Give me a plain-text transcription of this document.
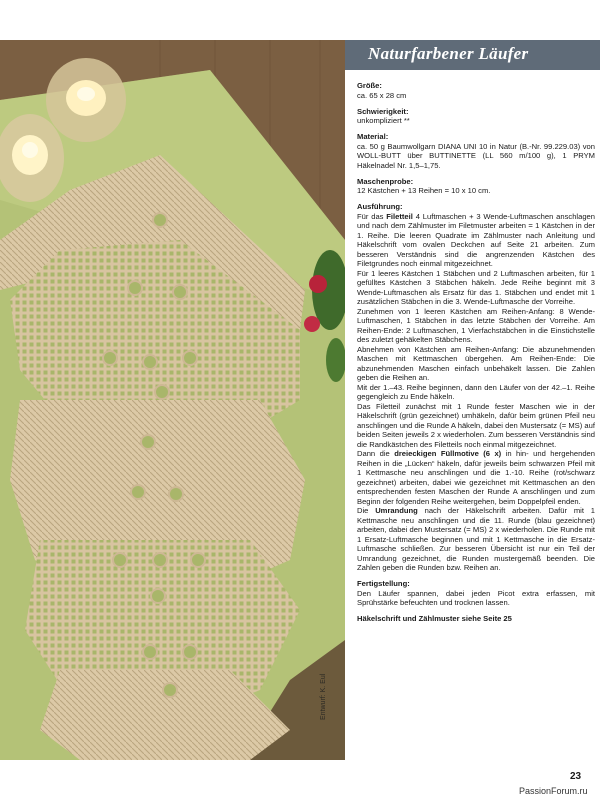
Entwurf: K. Eul
Naturfarbener Läufer

Größe:
ca. 65 x 28 cm

Schwierigkeit:
unkompliziert **

Material:
ca. 50 g Baumwollgarn DIANA UNI 10 in Natur (B.-Nr. 99.229.03) von WOLL-BUTT über BUTTINETTE (LL 560 m/100 g), 1 PRYM Häkelnadel Nr. 1,5–1,75.

Maschenprobe:
12 Kästchen + 13 Reihen = 10 x 10 cm.

Ausführung:
Für das Filetteil 4 Luftmaschen + 3 Wende-Luftmaschen anschlagen und nach dem Zählmuster im Filetmuster arbeiten = 1 Kästchen in der 1. Reihe. Die leeren Quadrate im Zählmuster nach Anleitung und Häkelschrift vom ovalen Deckchen auf Seite 21 arbeiten. Zum besseren Verständnis sind die angrenzenden Kästchen des Filetgrundes noch einmal mitgezeichnet.

Für 1 leeres Kästchen 1 Stäbchen und 2 Luftmaschen arbeiten, für 1 gefülltes Kästchen 3 Stäbchen häkeln. Jede Reihe beginnt mit 3 Wende-Luftmaschen als Ersatz für das 1. Stäbchen und endet mit 1 zusätzlichen Stäbchen in die 3. Wende-Luftmasche der Vorreihe.

Zunehmen von 1 leeren Kästchen am Reihen-Anfang: 8 Wende-Luftmaschen, 1 Stäbchen in das letzte Stäbchen der Vorreihe. Am Reihen-Ende: 2 Luftmaschen, 1 Vierfachstäbchen in die Einstichstelle des zuletzt gehäkelten Stäbchens.

Abnehmen von Kästchen am Reihen-Anfang: Die abzunehmenden Maschen mit Kettmaschen übergehen. Am Reihen-Ende: Die abzunehmenden Maschen einfach unbehäkelt lassen. Die Zahlen geben die Reihen an.

Mit der 1.–43. Reihe beginnen, dann den Läufer von der 42.–1. Reihe gegengleich zu Ende häkeln.

Das Filetteil zunächst mit 1 Runde fester Maschen wie in der Häkelschrift (grün gezeichnet) umhäkeln, dafür beim grünen Pfeil neu anschlingen und die Runde A häkeln, dabei den Mustersatz (= MS) auf beiden Seiten jeweils 2 x wiederholen. Zum besseren Verständnis sind die Randkästchen des Filetteils noch einmal mitgezeichnet.

Dann die dreieckigen Füllmotive (6 x) in hin- und hergehenden Reihen in die „Lücken“ häkeln, dafür jeweils beim schwarzen Pfeil mit 1 Kettmasche neu anschlingen und die 1.-10. Reihe (rot/schwarz gezeichnet) arbeiten, dabei wie gezeichnet mit Kettmaschen an den entsprechenden festen Maschen der Runde A anschlingen und zum Beginn der folgenden Reihe weitergehen, beim Doppelpfeil enden.

Die Umrandung nach der Häkelschrift arbeiten. Dafür mit 1 Kettmasche neu anschlingen und die 11. Runde (blau gezeichnet) arbeiten, dabei den Mustersatz (= MS) 2 x wiederholen. Die Runde mit 1 Ersatz-Luftmasche beginnen und mit 1 Kettmasche in die Ersatz-Luftmasche schließen. Zur besseren Übersicht ist nur ein Teil der Umrandung gezeichnet, die Runden mustergemäß beenden. Die Zahlen geben die Runden bzw. Reihen an.

Fertigstellung:
Den Läufer spannen, dabei jeden Picot extra erfassen, mit Sprühstärke befeuchten und trocknen lassen.

Häkelschrift und Zählmuster siehe Seite 25

23
PassionForum.ru
